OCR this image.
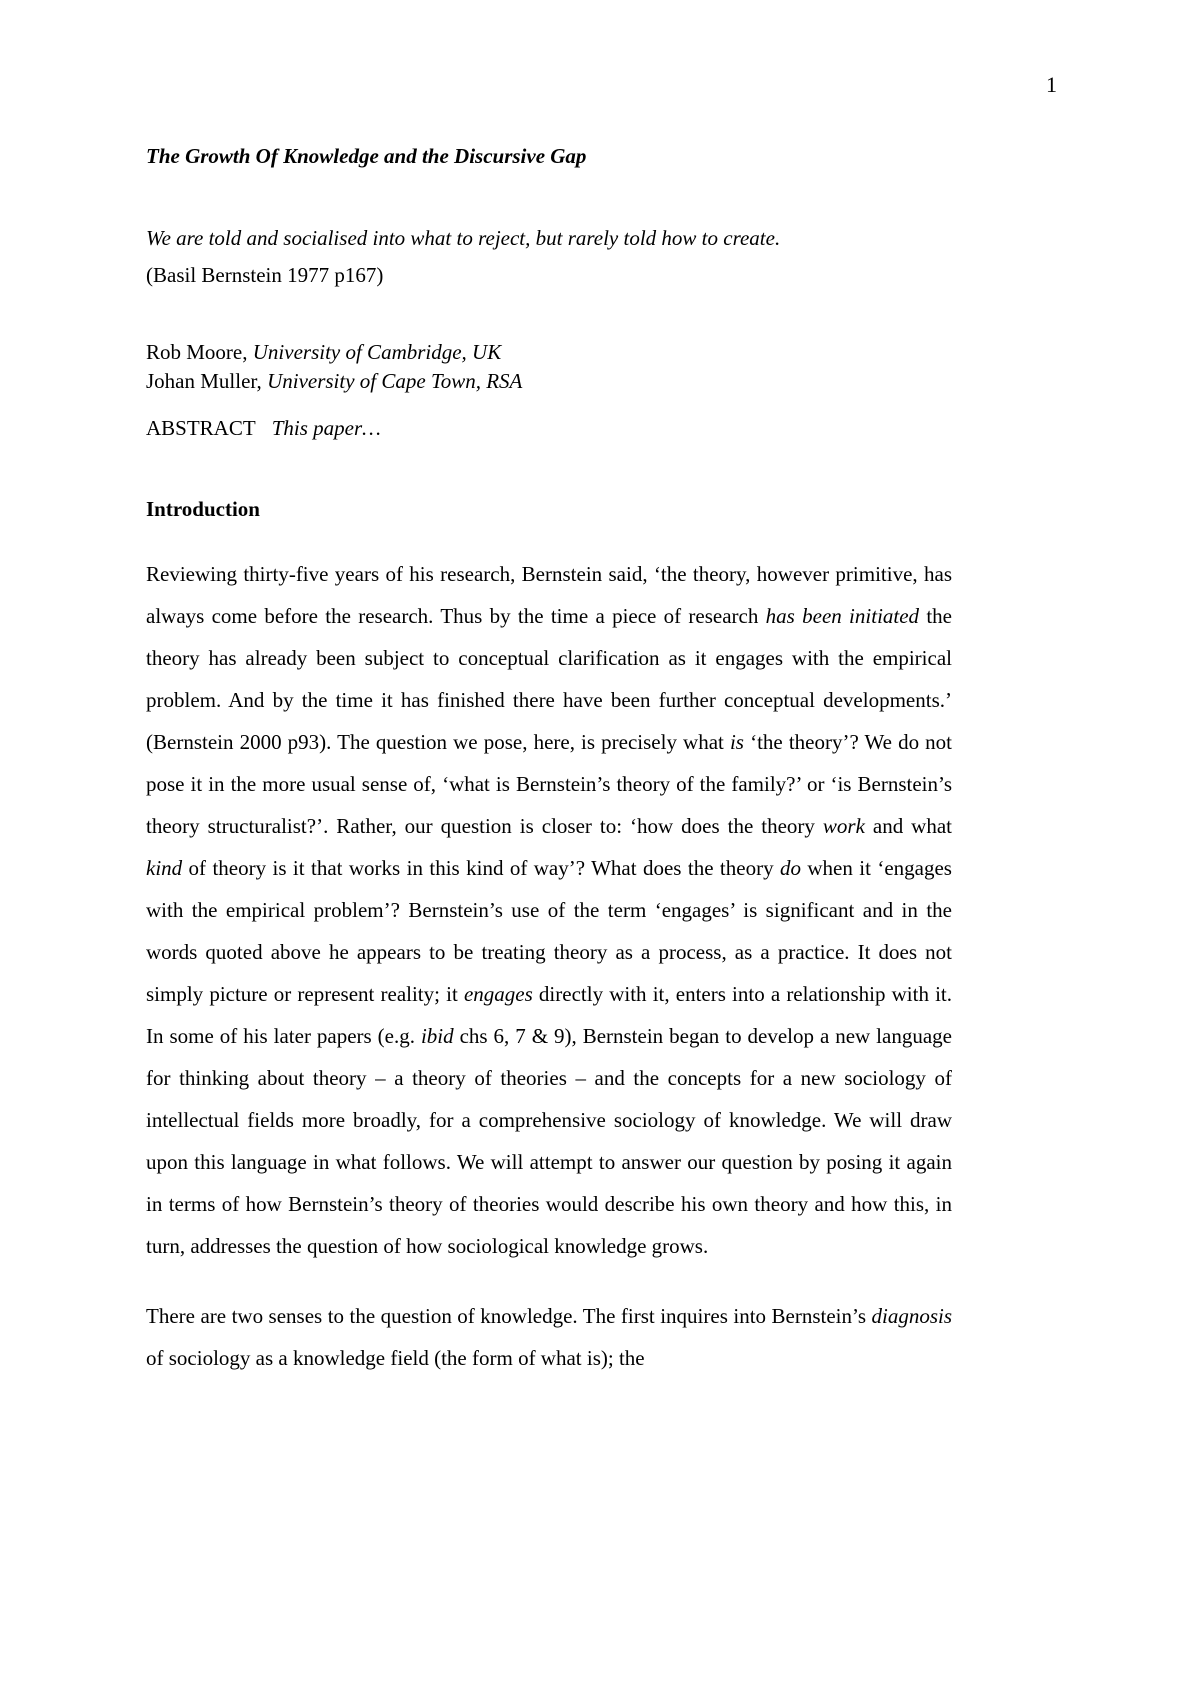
1
The Growth Of Knowledge and the Discursive Gap
We are told and socialised into what to reject, but rarely told how to create.
(Basil Bernstein 1977 p167)
Rob Moore, University of Cambridge, UK
Johan Muller, University of Cape Town, RSA
ABSTRACT This paper…
Introduction

Reviewing thirty-five years of his research, Bernstein said, ‘the theory, however primitive, has always come before the research. Thus by the time a piece of research has been initiated the theory has already been subject to conceptual clarification as it engages with the empirical problem. And by the time it has finished there have been further conceptual developments.’ (Bernstein 2000 p93). The question we pose, here, is precisely what is ‘the theory’? We do not pose it in the more usual sense of, ‘what is Bernstein’s theory of the family?’ or ‘is Bernstein’s theory structuralist?’. Rather, our question is closer to: ‘how does the theory work and what kind of theory is it that works in this kind of way’? What does the theory do when it ‘engages with the empirical problem’? Bernstein’s use of the term ‘engages’ is significant and in the words quoted above he appears to be treating theory as a process, as a practice. It does not simply picture or represent reality; it engages directly with it, enters into a relationship with it. In some of his later papers (e.g. ibid chs 6, 7 & 9), Bernstein began to develop a new language for thinking about theory – a theory of theories – and the concepts for a new sociology of intellectual fields more broadly, for a comprehensive sociology of knowledge. We will draw upon this language in what follows. We will attempt to answer our question by posing it again in terms of how Bernstein’s theory of theories would describe his own theory and how this, in turn, addresses the question of how sociological knowledge grows.

There are two senses to the question of knowledge. The first inquires into Bernstein’s diagnosis of sociology as a knowledge field (the form of what is); the
